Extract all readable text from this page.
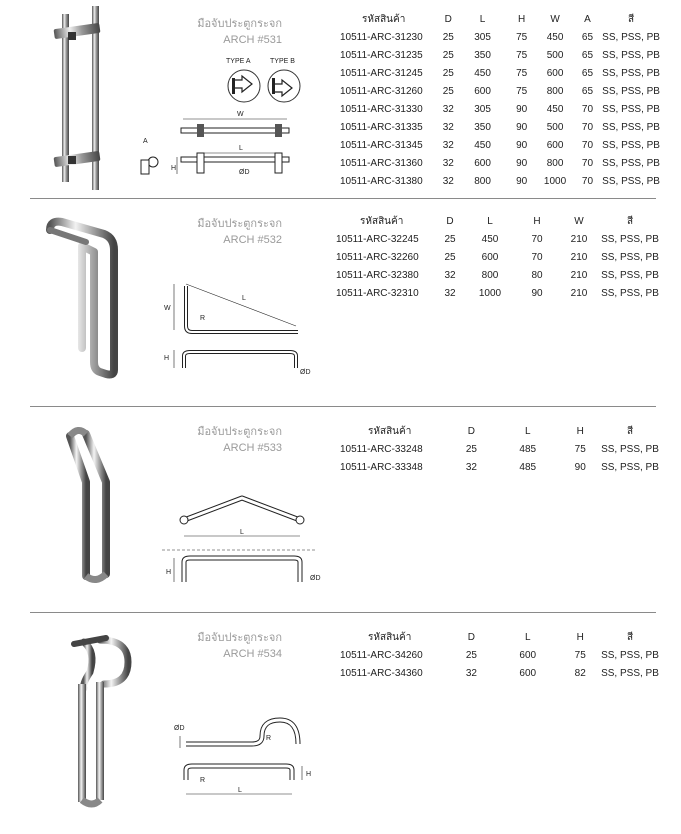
มือจับประตูกระจก
ARCH #531
TYPE A	TYPE B
W
L
ØD
A
H
รหัสสินค้า	D	L	H	W	A	สี
10511-ARC-31230	25	305	75	450	65	SS, PSS, PB
10511-ARC-31235	25	350	75	500	65	SS, PSS, PB
10511-ARC-31245	25	450	75	600	65	SS, PSS, PB
10511-ARC-31260	25	600	75	800	65	SS, PSS, PB
10511-ARC-31330	32	305	90	450	70	SS, PSS, PB
10511-ARC-31335	32	350	90	500	70	SS, PSS, PB
10511-ARC-31345	32	450	90	600	70	SS, PSS, PB
10511-ARC-31360	32	600	90	800	70	SS, PSS, PB
10511-ARC-31380	32	800	90	1000	70	SS, PSS, PB
มือจับประตูกระจก
ARCH #532
W
L
R
H
ØD
รหัสสินค้า	D	L	H	W	สี
10511-ARC-32245	25	450	70	210	SS, PSS, PB
10511-ARC-32260	25	600	70	210	SS, PSS, PB
10511-ARC-32380	32	800	80	210	SS, PSS, PB
10511-ARC-32310	32	1000	90	210	SS, PSS, PB
มือจับประตูกระจก
ARCH #533
L
H
ØD
รหัสสินค้า	D	L	H	สี
10511-ARC-33248	25	485	75	SS, PSS, PB
10511-ARC-33348	32	485	90	SS, PSS, PB
มือจับประตูกระจก
ARCH #534
ØD
R
R
H
L
รหัสสินค้า	D	L	H	สี
10511-ARC-34260	25	600	75	SS, PSS, PB
10511-ARC-34360	32	600	82	SS, PSS, PB
